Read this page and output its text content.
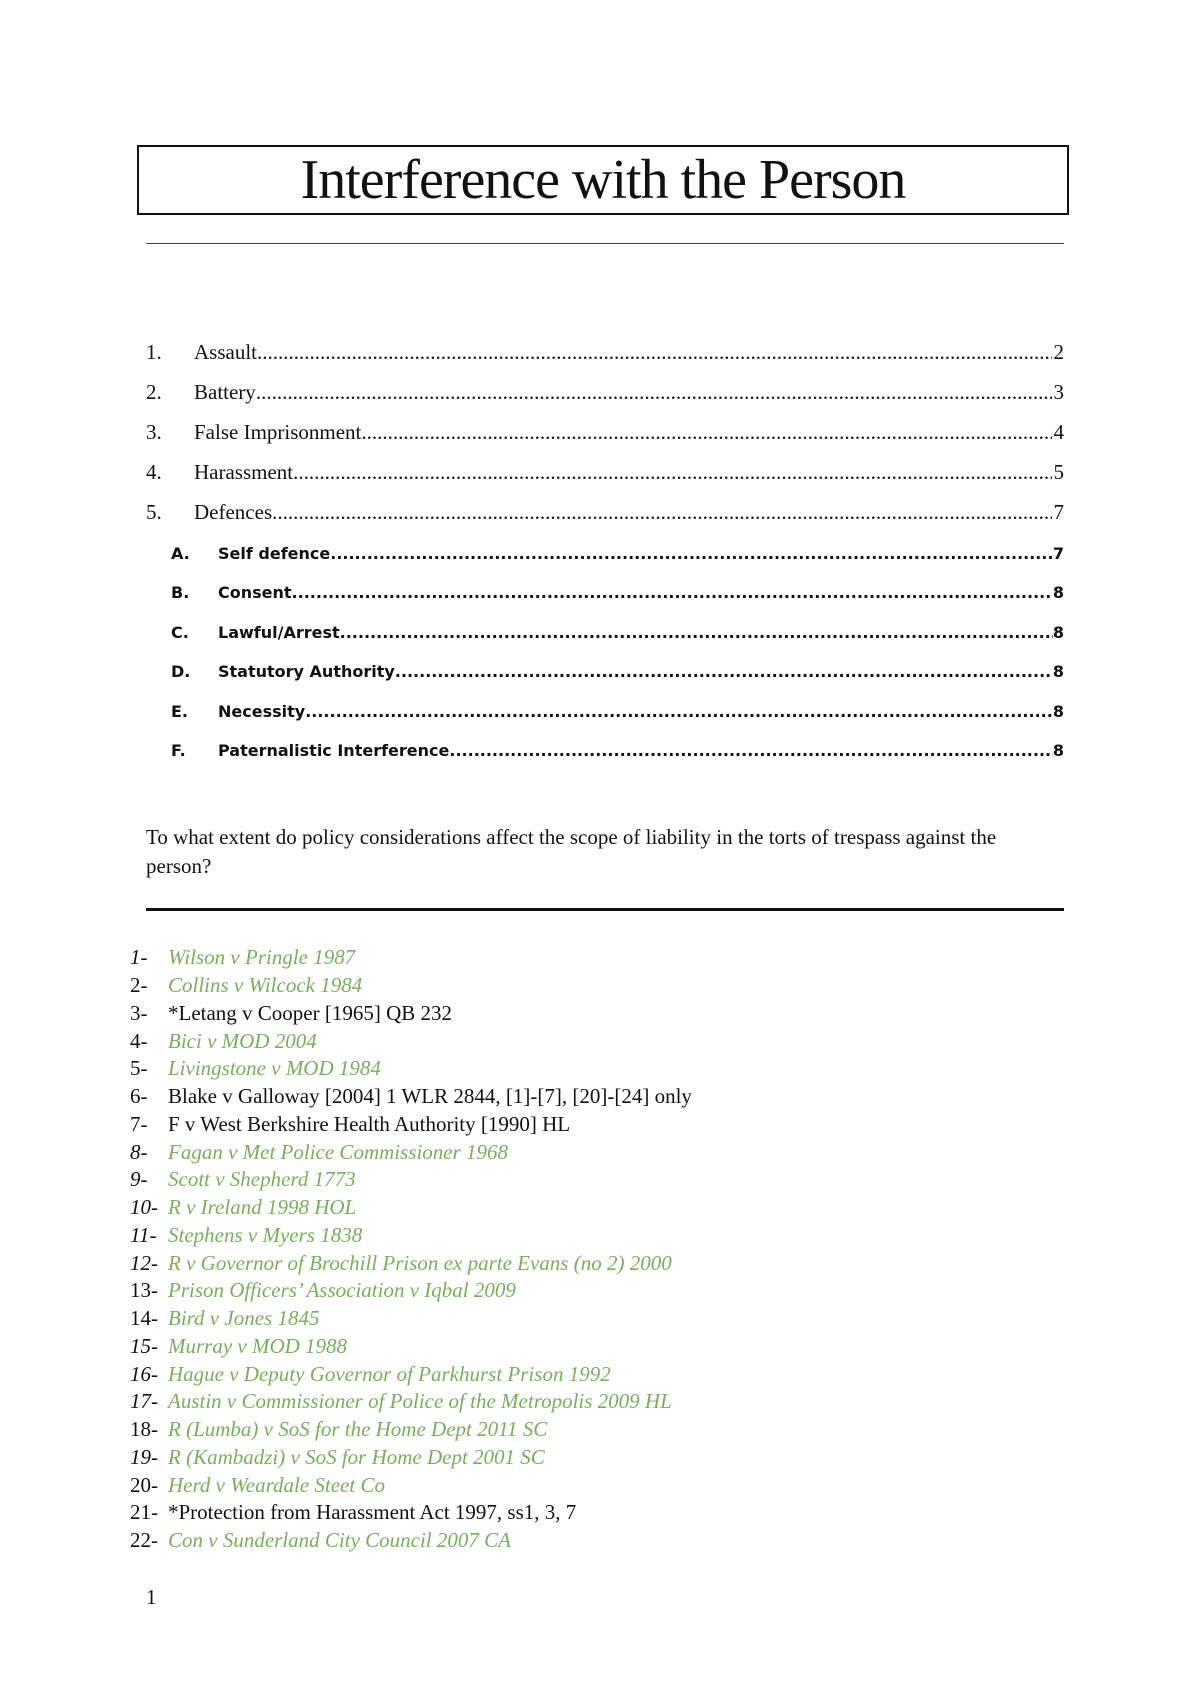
Interference with the Person
1.	Assault .....	2
2.	Battery .....	3
3.	False Imprisonment .....	4
4.	Harassment .....	5
5.	Defences .....	7
A.	Self defence .....	7
B.	Consent .....	8
C.	Lawful/Arrest .....	8
D.	Statutory Authority .....	8
E.	Necessity .....	8
F.	Paternalistic Interference .....	8
To what extent do policy considerations affect the scope of liability in the torts of trespass against the person?
1- Wilson v Pringle 1987
2- Collins v Wilcock 1984
3- *Letang v Cooper [1965] QB 232
4- Bici v MOD 2004
5- Livingstone v MOD 1984
6- Blake v Galloway [2004] 1 WLR 2844, [1]-[7], [20]-[24] only
7- F v West Berkshire Health Authority [1990] HL
8- Fagan v Met Police Commissioner 1968
9- Scott v Shepherd 1773
10- R v Ireland 1998 HOL
11- Stephens v Myers 1838
12- R v Governor of Brochill Prison ex parte Evans (no 2) 2000
13- Prison Officers’ Association v Iqbal 2009
14- Bird v Jones 1845
15- Murray v MOD 1988
16- Hague v Deputy Governor of Parkhurst Prison 1992
17- Austin v Commissioner of Police of the Metropolis 2009 HL
18- R (Lumba) v SoS for the Home Dept 2011 SC
19- R (Kambadzi) v SoS for Home Dept 2001 SC
20- Herd v Weardale Steet Co
21- *Protection from Harassment Act 1997, ss1, 3, 7
22- Con v Sunderland City Council 2007 CA
1
